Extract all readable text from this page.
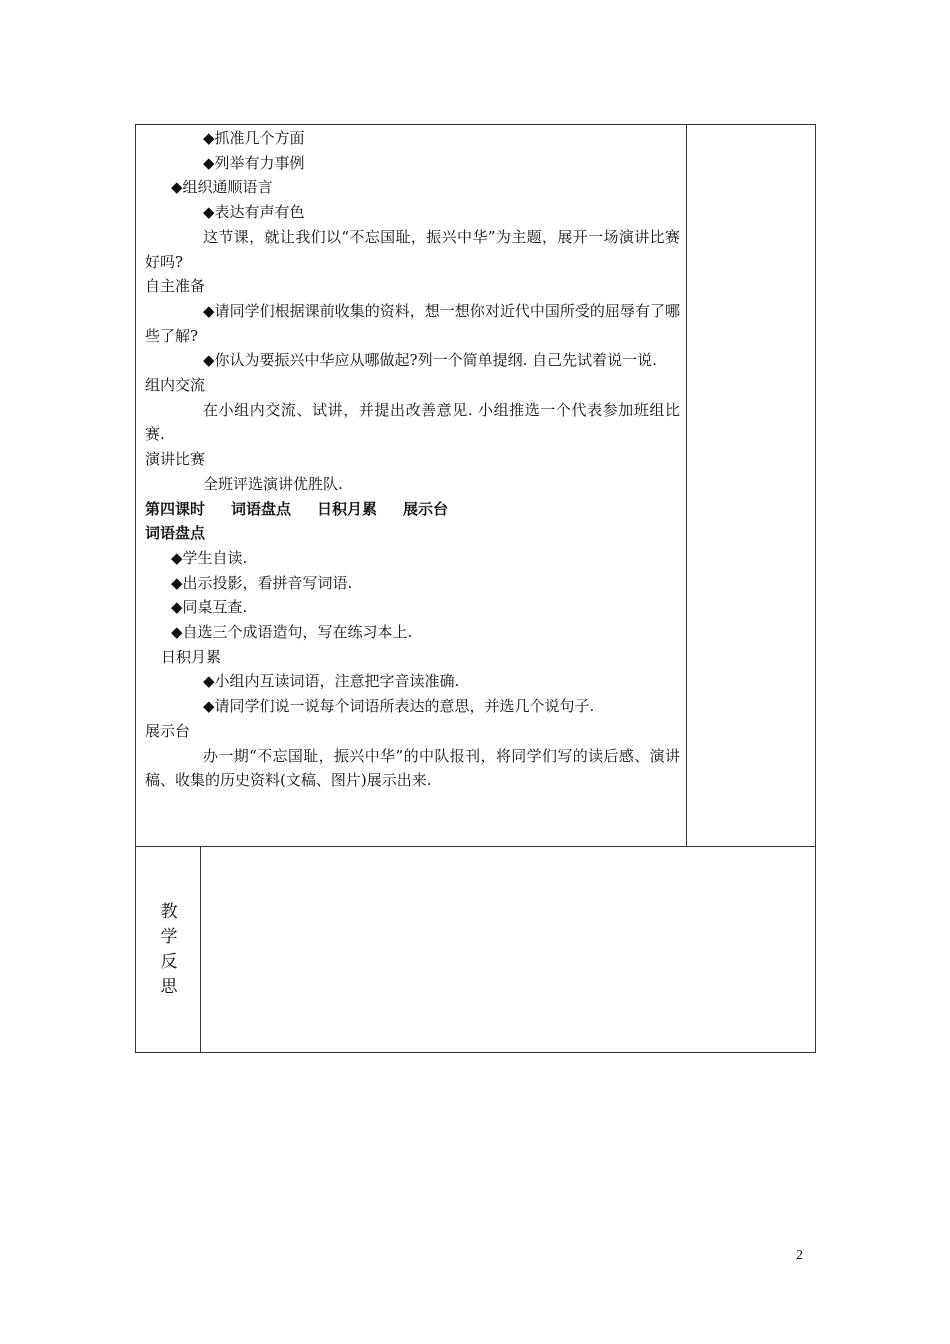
◆抓准几个方面
◆列举有力事例
◆组织通顺语言
◆表达有声有色
这节课，就让我们以“不忘国耻，振兴中华”为主题，展开一场演讲比赛好吗?
自主准备
◆请同学们根据课前收集的资料，想一想你对近代中国所受的屈辱有了哪些了解?
◆你认为要振兴中华应从哪做起?列一个简单提纲. 自己先试着说一说.
组内交流
在小组内交流、试讲，并提出改善意见. 小组推选一个代表参加班组比赛.
演讲比赛
全班评选演讲优胜队.
第四课时 词语盘点 日积月累 展示台
词语盘点
◆学生自读.
◆出示投影，看拼音写词语.
◆同桌互查.
◆自选三个成语造句，写在练习本上.
日积月累
◆小组内互读词语，注意把字音读准确.
◆请同学们说一说每个词语所表达的意思，并选几个说句子.
展示台
办一期“不忘国耻，振兴中华”的中队报刊，将同学们写的读后感、演讲稿、收集的历史资料(文稿、图片)展示出来.
教
学
反
思
2
